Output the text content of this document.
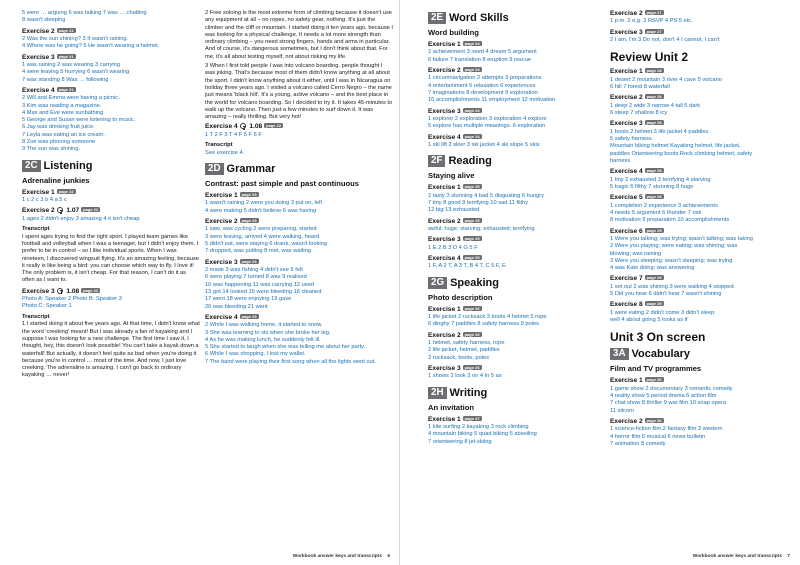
5 were … arguing 6 was talking 7 was … chatting
8 wasn't sleeping
Exercise 2 page 21
2 Was the sun shining? 3 It wasn't raining.
4 Where was he going? 5 He wasn't wearing a helmet.
Exercise 3 page 21
1 was raining 2 was wearing 3 carrying
4 were leaving 5 hurrying 6 wasn't wearing
7 was standing 8 Was … following
Exercise 4 page 21
2 Will and Emma were having a picnic.
3 Kim was reading a magazine.
4 Max and Eve were sunbathing.
5 George and Susan were listening to music.
6 Jay was drinking fruit juice.
7 Leyla was eating an ice cream.
8 Zoe was phoning someone
9 The sun was shining.
2C Listening
Adrenaline junkies
Exercise 1 page 22
1 c 2 c 3 b 4 a 5 c
Exercise 2 1.07 page 22
1 ages 2 didn't enjoy 3 amazing 4 it isn't cheap
Transcript
I spent ages trying to find the right sport. I played team games like football and volleyball when I was a teenager, but I didn't enjoy them. I prefer to be in control – so I like individual sports. When I was nineteen, I discovered wingsuit flying. It's an amazing feeling, because it really is like being a bird: you can choose which way to fly. I love it! The only problem is, it isn't cheap. For that reason, I can't do it as often as I want to.
Exercise 3 1.08 page 22
Photo A: Speaker 2 Photo B: Speaker 3
Photo C: Speaker 1
Transcript
1 I started doing it about five years ago. At that time, I didn't know what the word 'creeking' meant! But I was already a fan of kayaking and I suppose I was looking for a new challenge. The first time I saw it, I thought, hey, this doesn't look possible! You can't take a kayak down a waterfall! But actually, it doesn't feel quite as bad when you're doing it because you're in control … most of the time. And now, I just love creeking. The adrenaline is amazing. I can't go back to ordinary kayaking … never!
2 Free soloing is the most extreme form of climbing because it doesn't use any equipment at all – no ropes, no safety gear, nothing. It's just the climber and the cliff or mountain. I started doing it ten years ago, because I was looking for a physical challenge. It needs a lot more strength than ordinary climbing – you need strong fingers, hands and arms in particular. And of course, it's dangerous sometimes, but I don't think about that. For me, it's all about testing myself, not about risking my life.
3 When I first told people I was into volcano boarding, people thought I was joking. That's because most of them didn't know anything at all about the sport. I didn't know anything about it either, until I was in Nicaragua on holiday three years ago. I visited a volcano called Cerro Negro – the name just means 'black hill'. It's a young, active volcano – and the best place in the world for volcano boarding. So I decided to try it. It takes 45-minutes to walk up the volcano. Then just a few minutes to surf down it. It was amazing – really thrilling. But very hot!
Exercise 4 1.08 page 22
1 T 2 F 3 T 4 F 5 F 6 F
Transcript
See exercise 4.
2D Grammar
Contrast: past simple and past continuous
Exercise 1 page 23
1 wasn't raining 2 were you doing 3 put on, left
4 were making 5 didn't believe 6 was having
Exercise 2 page 23
1 saw, was cycling 2 were preparing, started
3 were leaving, arrived 4 were walking, heard
5 didn't eat, were staying 6 drank, wasn't looking
7 dropped, was putting 8 met, was waiting
Exercise 3 page 23
2 made 3 was fishing 4 didn't see 5 felt
6 were playing 7 turned 8 was 9 realised
10 was happening 11 was carrying 12 used
13 got 14 looked 15 were bleeding 16 cleaned
17 went 18 were enjoying 19 gave
20 was bleeding 21 went
Exercise 4 page 23
2 While I was walking home, it started to snow.
3 She was learning to ski when she broke her leg.
4 As he was making lunch, he suddenly felt ill.
5 She started to laugh when she was telling me about her party.
6 While I was shopping, I lost my wallet.
7 The band were playing their first song when all the lights went out.
Workbook answer keys and transcripts 6
2E Word Skills
Word building
Exercise 1 page 24
2 achievement 3 need 4 dream 5 argument
6 failure 7 translation 8 eruption 9 rescue
Exercise 2 page 24
1 circumnavigation 2 attempts 3 preparations
4 entertainment 5 relaxation 6 experiences
7 imaginations 8 development 9 exploration
10 accomplishments 11 employment 12 motivation
Exercise 3 page 24
1 explorer 2 exploration 3 exploration 4 explore
5 explore has multiple meanings. 6 exploration
Exercise 4 page 24
1 ski lift 2 skier 3 ski jacket 4 ski slope 5 skis
2F Reading
Staying alive
Exercise 1 page 25
2 tasty 3 stunning 4 bad 5 disgusting 6 hungry
7 tiny 8 good 9 terrifying 10 sad 11 filthy
12 big 13 exhausted
Exercise 2 page 25
awful; huge; starving; exhausted; terrifying
Exercise 3 page 25
1 E 2 B 3 D 4 G 5 F
Exercise 4 page 25
1 F, A 2 T, A 3 T, B 4 T, C 5 F, E
2G Speaking
Photo description
Exercise 1 page 26
1 life jacket 2 rucksack 3 boots 4 helmet 5 rope
6 dinghy 7 paddles 8 safety harness 9 poles
Exercise 2 page 26
1 helmet, safety harness, rope
2 life jacket, helmet, paddles
3 rucksack, boots, poles
Exercise 3 page 26
1 shows 2 look 3 on 4 In 5 as
2H Writing
An invitation
Exercise 1 page 27
1 kite surfing 2 kayaking 3 rock climbing
4 mountain biking 5 quad biking 6 abseiling
7 orienteering 8 jet-skiing
Exercise 2 page 27
1 p.m. 2 e.g. 3 RSVP 4 PS 5 etc.
Exercise 3 page 27
2 I am, I'm 3 Do not, don't 4 I cannot, I can't
Review Unit 2
Exercise 1 page 28
1 desert 2 mountain 3 river 4 cave 5 volcano
6 hill 7 forest 8 waterfall
Exercise 2 page 28
1 deep 2 wide 3 narrow 4 tall 5 dark
6 steep 7 shallow 8 icy
Exercise 3 page 28
1 boots 2 helmet 3 life jacket 4 paddles
5 safety harness
Mountain biking helmet Kayaking helmet, life jacket,
paddles Orienteering boots Rock climbing helmet, safety
harness
Exercise 4 page 28
1 tiny 2 exhausted 3 terrifying 4 starving
5 tragic 6 filthy 7 stunning 8 huge
Exercise 5 page 28
1 completion 2 experience 3 achievements
4 needs 5 argument 6 thunder 7 risk
8 motivation 9 preparation 10 accomplishments
Exercise 6 page 29
1 Were you talking; was trying; wasn't talking; was taking
2 Were you playing; were eating; was shining; was
blowing; was raining
3 Were you sleeping; wasn't sleeping; was trying
4 was Kate doing; was answering
Exercise 7 page 29
1 set out 2 was shining 3 were walking 4 stopped
5 Did you hear 6 didn't hear 7 wasn't shining
Exercise 8 page 29
1 were eating 2 didn't come 3 didn't sleep
well 4 about going 5 looks as if
Unit 3 On screen
3A Vocabulary
Film and TV programmes
Exercise 1 page 30
1 game show 2 documentary 3 romantic comedy
4 reality show 5 period drama 6 action film
7 chat show 8 thriller 9 war film 10 soap opera
11 sitcom
Exercise 2 page 30
1 science-fiction film 2 fantasy film 3 western
4 horror film 5 musical 6 news bulletin
7 animation 8 comedy
Workbook answer keys and transcripts 7
